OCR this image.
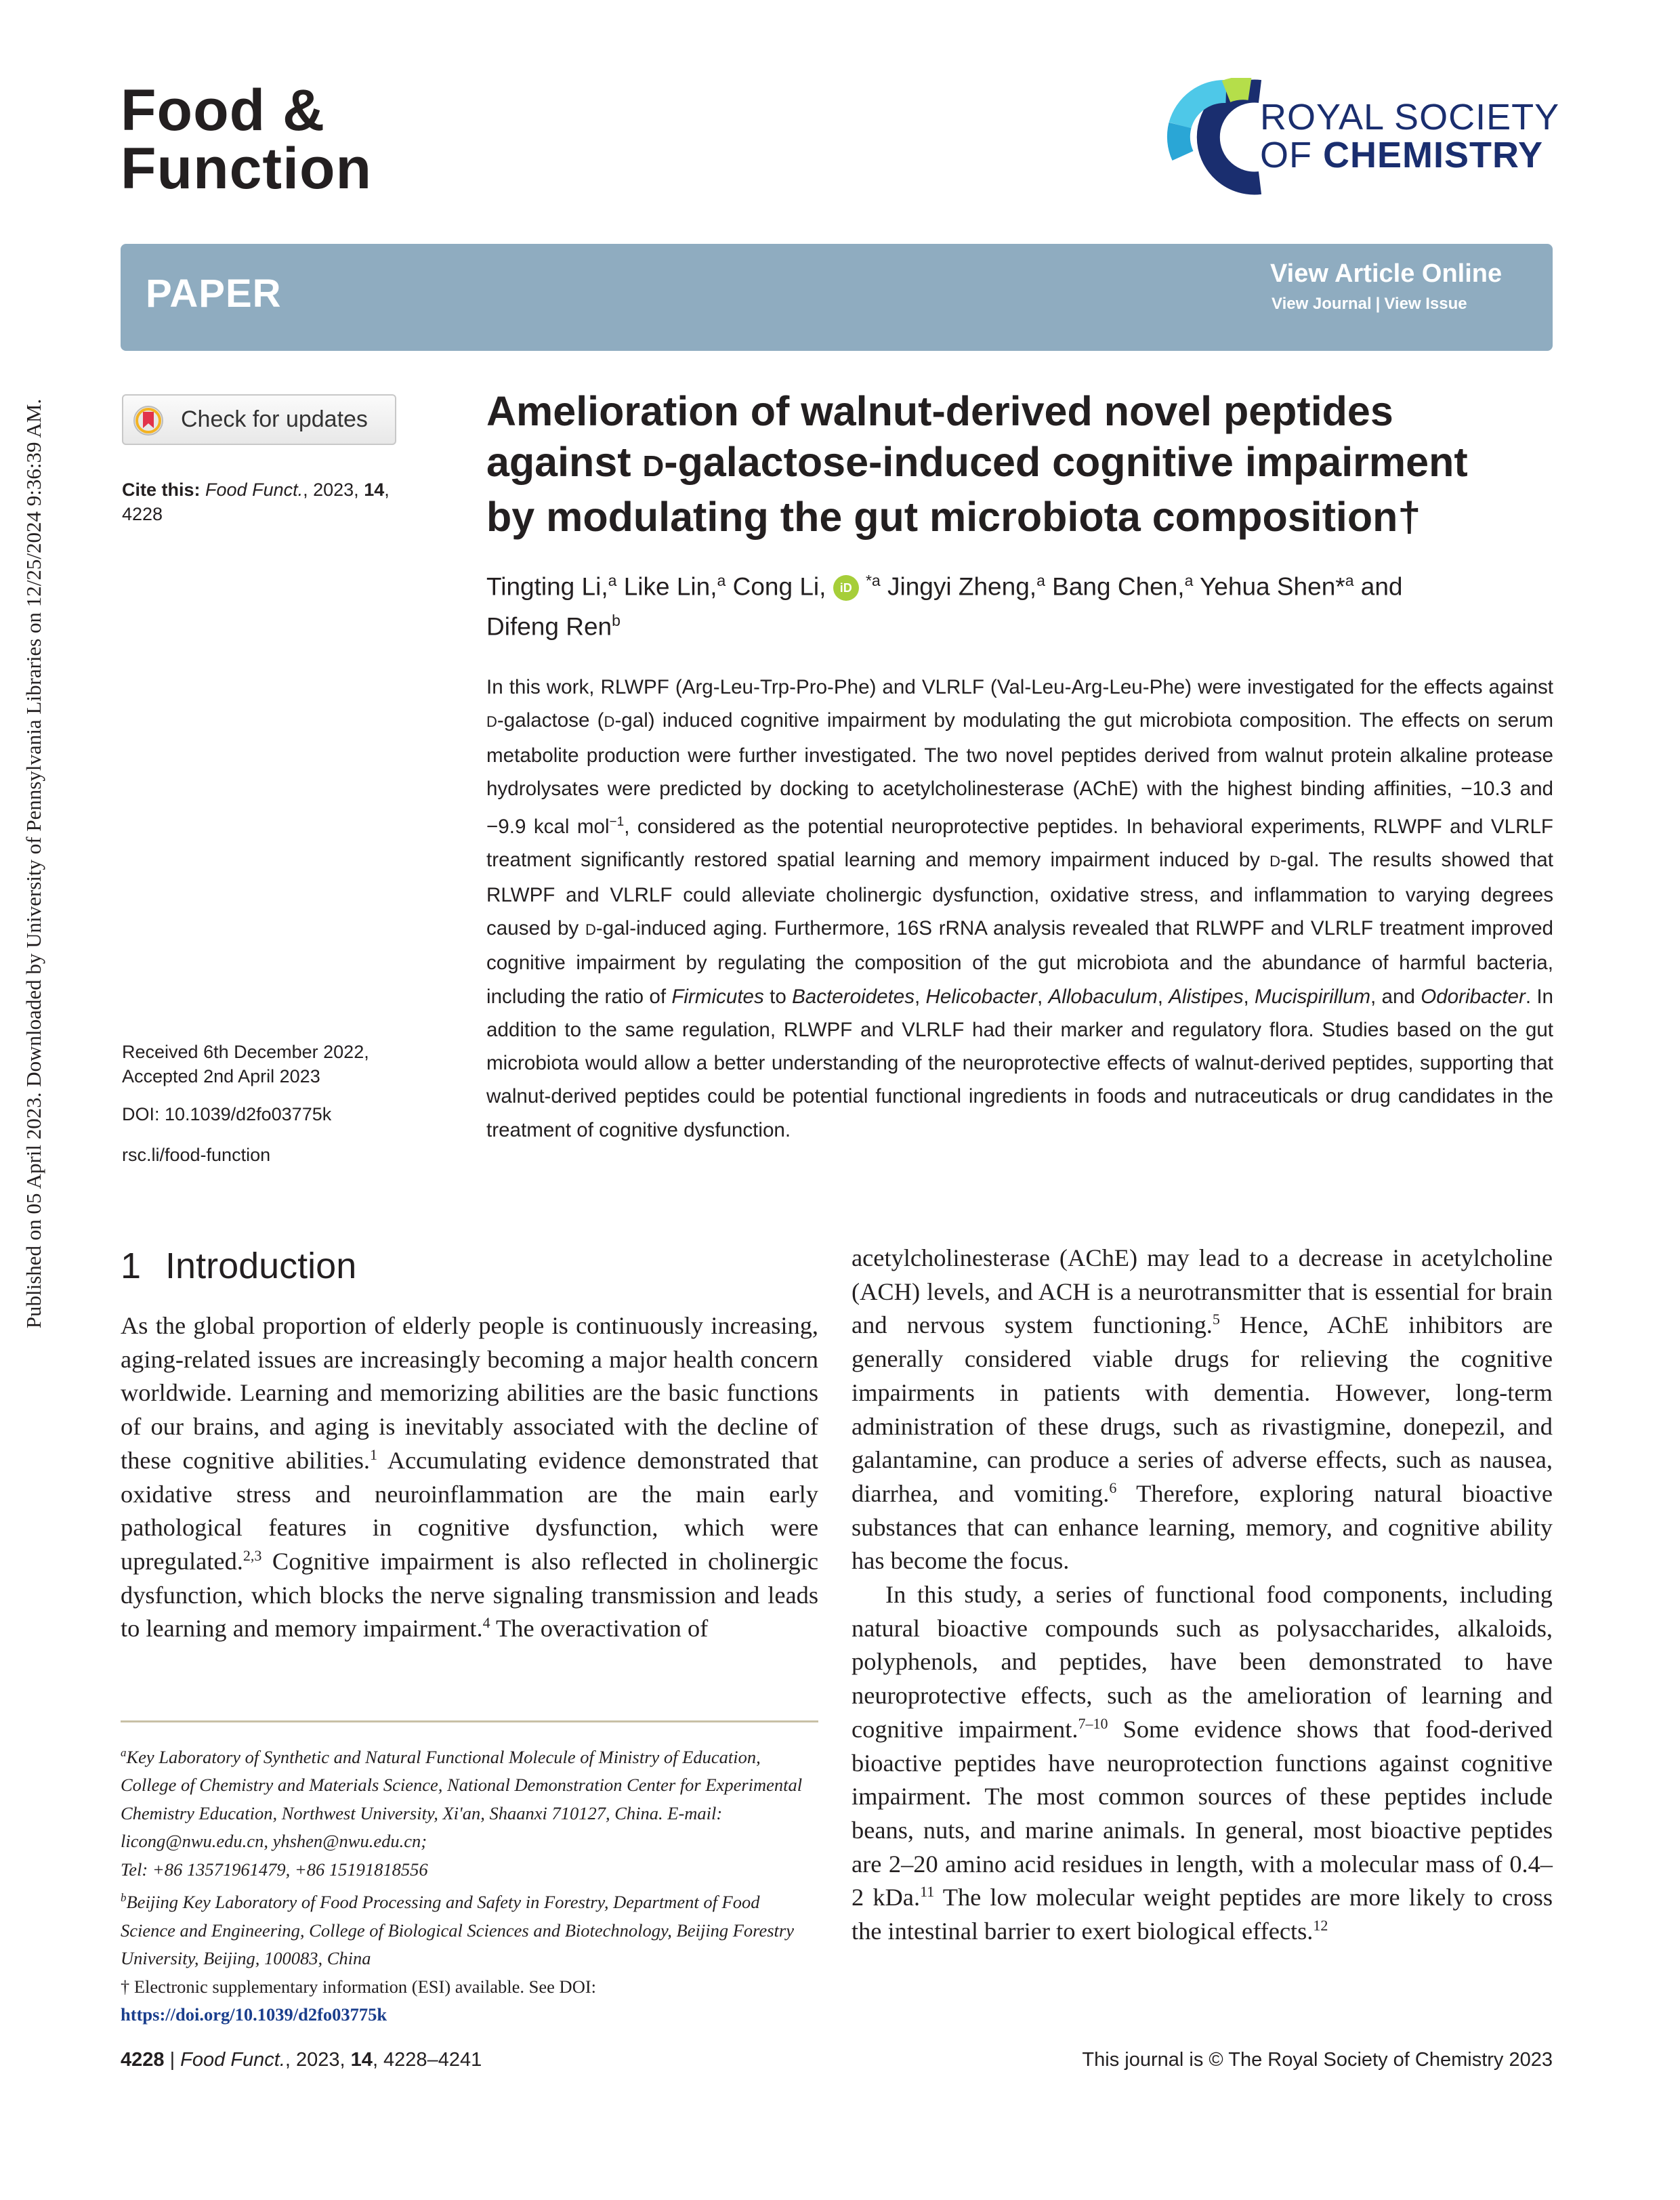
Published on 05 April 2023. Downloaded by University of Pennsylvania Libraries on 12/25/2024 9:36:39 AM.
Food &
Function
ROYAL SOCIETY
OF CHEMISTRY
PAPER	View Article Online
View Journal | View Issue
Check for updates
Cite this: Food Funct., 2023, 14, 4228
Received 6th December 2022,
Accepted 2nd April 2023
DOI: 10.1039/d2fo03775k
rsc.li/food-function
Amelioration of walnut-derived novel peptides
against D-galactose-induced cognitive impairment
by modulating the gut microbiota composition†
Tingting Li,$^a$ Like Lin,$^a$ Cong Li, iD $^{*a}$ Jingyi Zheng,$^a$ Bang Chen,$^a$ Yehua Shen*$^a$ and
Difeng Ren$^b$
In this work, RLWPF (Arg-Leu-Trp-Pro-Phe) and VLRLF (Val-Leu-Arg-Leu-Phe) were investigated for the effects against D-galactose (D-gal) induced cognitive impairment by modulating the gut microbiota composition. The effects on serum metabolite production were further investigated. The two novel peptides derived from walnut protein alkaline protease hydrolysates were predicted by docking to acetylcholinesterase (AChE) with the highest binding affinities, −10.3 and −9.9 kcal mol$^{-1}$, considered as the potential neuroprotective peptides. In behavioral experiments, RLWPF and VLRLF treatment significantly restored spatial learning and memory impairment induced by D-gal. The results showed that RLWPF and VLRLF could alleviate cholinergic dysfunction, oxidative stress, and inflammation to varying degrees caused by D-gal-induced aging. Furthermore, 16S rRNA analysis revealed that RLWPF and VLRLF treatment improved cognitive impairment by regulating the composition of the gut microbiota and the abundance of harmful bacteria, including the ratio of Firmicutes to Bacteroidetes, Helicobacter, Allobaculum, Alistipes, Mucispirillum, and Odoribacter. In addition to the same regulation, RLWPF and VLRLF had their marker and regulatory flora. Studies based on the gut microbiota would allow a better understanding of the neuroprotective effects of walnut-derived peptides, supporting that walnut-derived peptides could be potential functional ingredients in foods and nutraceuticals or drug candidates in the treatment of cognitive dysfunction.
1 Introduction

As the global proportion of elderly people is continuously increasing, aging-related issues are increasingly becoming a major health concern worldwide. Learning and memorizing abilities are the basic functions of our brains, and aging is inevitably associated with the decline of these cognitive abilities.$^1$ Accumulating evidence demonstrated that oxidative stress and neuroinflammation are the main early pathological features in cognitive dysfunction, which were upregulated.$^{2,3}$ Cognitive impairment is also reflected in cholinergic dysfunction, which blocks the nerve signaling transmission and leads to learning and memory impairment.$^4$ The overactivation of

acetylcholinesterase (AChE) may lead to a decrease in acetylcholine (ACH) levels, and ACH is a neurotransmitter that is essential for brain and nervous system functioning.$^5$ Hence, AChE inhibitors are generally considered viable drugs for relieving the cognitive impairments in patients with dementia. However, long-term administration of these drugs, such as rivastigmine, donepezil, and galantamine, can produce a series of adverse effects, such as nausea, diarrhea, and vomiting.$^6$ Therefore, exploring natural bioactive substances that can enhance learning, memory, and cognitive ability has become the focus.

In this study, a series of functional food components, including natural bioactive compounds such as polysaccharides, alkaloids, polyphenols, and peptides, have been demonstrated to have neuroprotective effects, such as the amelioration of learning and cognitive impairment.$^{7-10}$ Some evidence shows that food-derived bioactive peptides have neuroprotection functions against cognitive impairment. The most common sources of these peptides include beans, nuts, and marine animals. In general, most bioactive peptides are 2–20 amino acid residues in length, with a molecular mass of 0.4–2 kDa.$^{11}$ The low molecular weight peptides are more likely to cross the intestinal barrier to exert biological effects.$^{12}$

$^a$Key Laboratory of Synthetic and Natural Functional Molecule of Ministry of Education, College of Chemistry and Materials Science, National Demonstration Center for Experimental Chemistry Education, Northwest University, Xi'an, Shaanxi 710127, China. E-mail: licong@nwu.edu.cn, yhshen@nwu.edu.cn;

Tel: +86 13571961479, +86 15191818556

$^b$Beijing Key Laboratory of Food Processing and Safety in Forestry, Department of Food Science and Engineering, College of Biological Sciences and Biotechnology, Beijing Forestry University, Beijing, 100083, China

† Electronic supplementary information (ESI) available. See DOI: https://doi.org/10.1039/d2fo03775k

4228 | Food Funct., 2023, 14, 4228–4241	This journal is © The Royal Society of Chemistry 2023
